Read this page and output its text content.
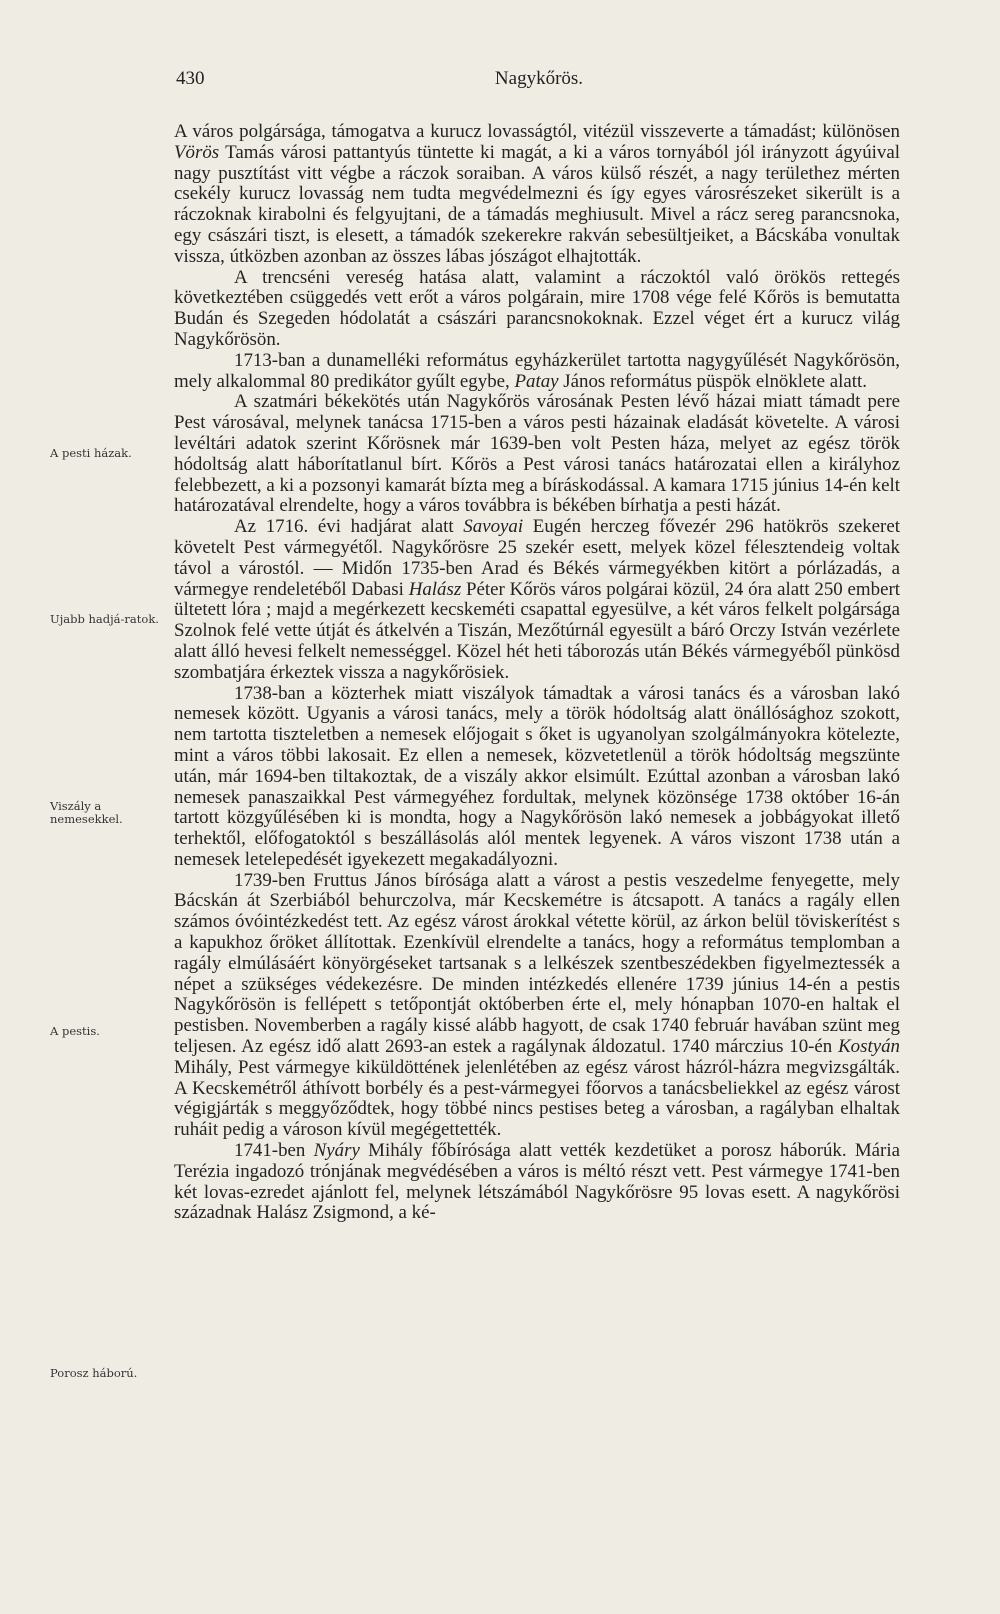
430	Nagykőrös.
A pesti házak.
Ujabb hadjá-ratok.
Viszály a nemesekkel.
A pestis.
Porosz háború.

A város polgársága, támogatva a kurucz lovasságtól, vitézül visszeverte a támadást; különösen Vörös Tamás városi pattantyús tüntette ki magát, a ki a város tornyából jól irányzott ágyúival nagy pusztítást vitt végbe a ráczok soraiban. A város külső részét, a nagy területhez mérten csekély kurucz lovasság nem tudta megvédelmezni és így egyes városrészeket sikerült is a ráczoknak kirabolni és felgyujtani, de a támadás meghiusult. Mivel a rácz sereg parancsnoka, egy császári tiszt, is elesett, a támadók szekerekre rakván sebesültjeiket, a Bácskába vonultak vissza, útközben azonban az összes lábas jószágot elhajtották.

A trencséni vereség hatása alatt, valamint a ráczoktól való örökös rettegés következtében csüggedés vett erőt a város polgárain, mire 1708 vége felé Kőrös is bemutatta Budán és Szegeden hódolatát a császári parancsnokoknak. Ezzel véget ért a kurucz világ Nagykőrösön.

1713-ban a dunamelléki református egyházkerület tartotta nagygyűlését Nagykőrösön, mely alkalommal 80 predikátor gyűlt egybe, Patay János református püspök elnöklete alatt.

A szatmári békekötés után Nagykőrös városának Pesten lévő házai miatt támadt pere Pest városával, melynek tanácsa 1715-ben a város pesti házainak eladását követelte. A városi levéltári adatok szerint Kőrösnek már 1639-ben volt Pesten háza, melyet az egész török hódoltság alatt háborítatlanul bírt. Kőrös a Pest városi tanács határozatai ellen a királyhoz felebbezett, a ki a pozsonyi kamarát bízta meg a bíráskodással. A kamara 1715 június 14-én kelt határozatával elrendelte, hogy a város továbbra is békében bírhatja a pesti házát.

Az 1716. évi hadjárat alatt Savoyai Eugén herczeg fővezér 296 hatökrös szekeret követelt Pest vármegyétől. Nagykőrösre 25 szekér esett, melyek közel félesztendeig voltak távol a várostól. — Midőn 1735-ben Arad és Békés vármegyékben kitört a pórlázadás, a vármegye rendeletéből Dabasi Halász Péter Kőrös város polgárai közül, 24 óra alatt 250 embert ültetett lóra ; majd a megérkezett kecskeméti csapattal egyesülve, a két város felkelt polgársága Szolnok felé vette útját és átkelvén a Tiszán, Mezőtúrnál egyesült a báró Orczy István vezérlete alatt álló hevesi felkelt nemességgel. Közel hét heti táborozás után Békés vármegyéből pünkösd szombatjára érkeztek vissza a nagykőrösiek.

1738-ban a közterhek miatt viszályok támadtak a városi tanács és a városban lakó nemesek között. Ugyanis a városi tanács, mely a török hódoltság alatt önállósághoz szokott, nem tartotta tiszteletben a nemesek előjogait s őket is ugyanolyan szolgálmányokra kötelezte, mint a város többi lakosait. Ez ellen a nemesek, közvetetlenül a török hódoltság megszünte után, már 1694-ben tiltakoztak, de a viszály akkor elsimúlt. Ezúttal azonban a városban lakó nemesek panaszaikkal Pest vármegyéhez fordultak, melynek közönsége 1738 október 16-án tartott közgyűlésében ki is mondta, hogy a Nagykőrösön lakó nemesek a jobbágyokat illető terhektől, előfogatoktól s beszállásolás alól mentek legyenek. A város viszont 1738 után a nemesek letelepedését igyekezett megakadályozni.

1739-ben Fruttus János bírósága alatt a várost a pestis veszedelme fenyegette, mely Bácskán át Szerbiából behurczolva, már Kecskemétre is átcsapott. A tanács a ragály ellen számos óvóintézkedést tett. Az egész várost árokkal vétette körül, az árkon belül töviskerítést s a kapukhoz őröket állítottak. Ezenkívül elrendelte a tanács, hogy a református templomban a ragály elmúlásáért könyörgéseket tartsanak s a lelkészek szentbeszédekben figyelmeztessék a népet a szükséges védekezésre. De minden intézkedés ellenére 1739 június 14-én a pestis Nagykőrösön is fellépett s tetőpontját októberben érte el, mely hónapban 1070-en haltak el pestisben. Novemberben a ragály kissé alább hagyott, de csak 1740 február havában szünt meg teljesen. Az egész idő alatt 2693-an estek a ragálynak áldozatul. 1740 márczius 10-én Kostyán Mihály, Pest vármegye kiküldöttének jelenlétében az egész várost házról-házra megvizsgálták. A Kecskemétről áthívott borbély és a pest-vármegyei főorvos a tanácsbeliekkel az egész várost végigjárták s meggyőződtek, hogy többé nincs pestises beteg a városban, a ragályban elhaltak ruháit pedig a városon kívül megégettették.

1741-ben Nyáry Mihály főbírósága alatt vették kezdetüket a porosz háborúk. Mária Terézia ingadozó trónjának megvédésében a város is méltó részt vett. Pest vármegye 1741-ben két lovas-ezredet ajánlott fel, melynek létszámából Nagykőrösre 95 lovas esett. A nagykőrösi századnak Halász Zsigmond, a ké-
